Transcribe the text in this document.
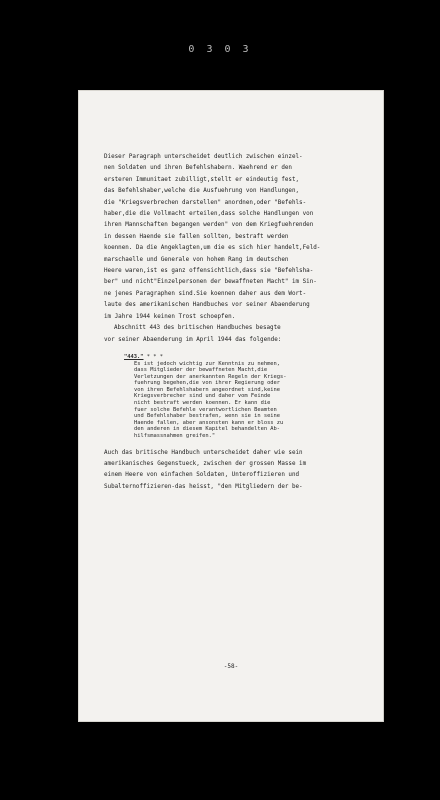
0 3 0 3

Dieser Paragraph unterscheidet deutlich zwischen einzel-
nen Soldaten und ihren Befehlshabern. Waehrend er den
ersteren Immunitaet zubilligt,stellt er eindeutig fest,
das Befehlshaber,welche die Ausfuehrung von Handlungen,
die "Kriegsverbrechen darstellen" anordnen,oder "Befehls-
haber,die die Vollmacht erteilen,dass solche Handlungen von
ihren Mannschaften begangen werden" von dem Kriegfuehrenden
in dessen Haende sie fallen sollten, bestraft werden
koennen. Da die Angeklagten,um die es sich hier handelt,Feld-
marschaelle und Generale von hohem Rang im deutschen
Heere waren,ist es ganz offensichtlich,dass sie "Befehlsha-
ber" und nicht"Einzelpersonen der bewaffneten Macht" im Sin-
ne jenes Paragraphen sind.Sie koennen daher aus dem Wort-
laute des amerikanischen Handbuches vor seiner Abaenderung
im Jahre 1944 keinen Trost schoepfen.

Abschnitt 443 des britischen Handbuches besagte
vor seiner Abaenderung im April 1944 das folgende:

"443." * * *
Es ist jedoch wichtig zur Kenntnis zu nehmen,
dass Mitglieder der bewaffneten Macht,die
Verletzungen der anerkannten Regeln der Kriegs-
fuehrung begehen,die von ihrer Regierung oder
von ihren Befehlshabern angeordnet sind,keine
Kriegsverbrecher sind und daher vom Feinde
nicht bestraft werden koennen. Er kann die
fuer solche Befehle verantwortlichen Beamten
und Befehlshaber bestrafen, wenn sie in seine
Haende fallen, aber ansonsten kann er bloss zu
den anderen in diesem Kapitel behandelten Ab-
hilfsmassnahmen greifen."

Auch das britische Handbuch unterscheidet daher wie sein
amerikanisches Gegenstueck, zwischen der grossen Masse im
einem Heere von einfachen Soldaten, Unteroffizieren und
Subalternoffizieren-das heisst, "den Mitgliedern der be-

-58-
